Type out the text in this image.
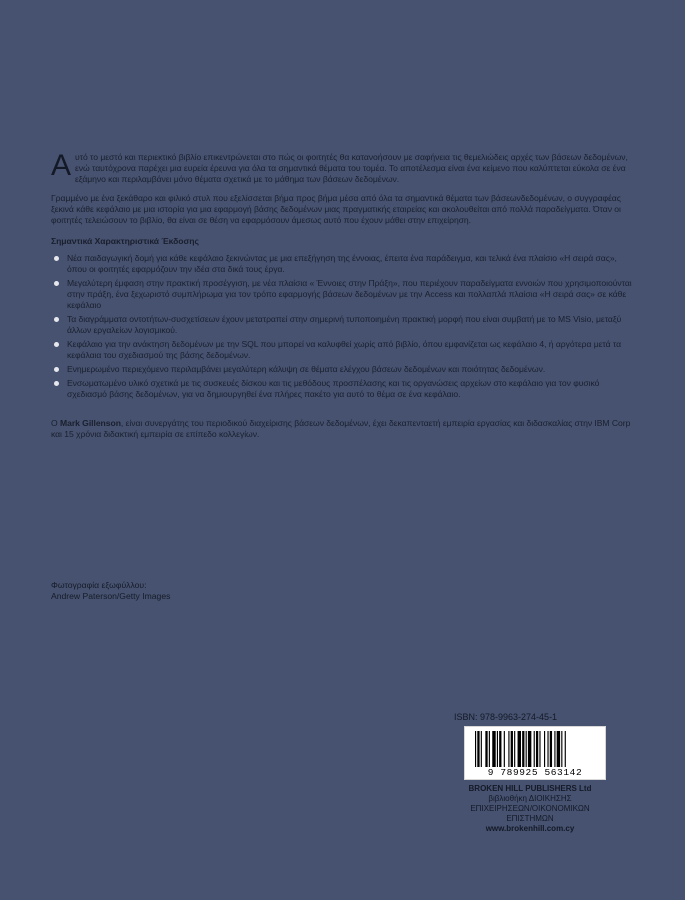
Αυτό το μεστό και περιεκτικό βιβλίο επικεντρώνεται στο πώς οι φοιτητές θα κατανοήσουν με σαφήνεια τις θεμελιώδεις αρχές των βάσεων δεδομένων, ενώ ταυτόχρονα παρέχει μια ευρεία έρευνα για όλα τα σημαντικά θέματα του τομέα. Το αποτέλεσμα είναι ένα κείμενο που καλύπτεται εύκολα σε ένα εξάμηνο και περιλαμβάνει μόνο θέματα σχετικά με το μάθημα των βάσεων δεδομένων.

Γραμμένο με ένα ξεκάθαρο και φιλικό στυλ που εξελίσσεται βήμα προς βήμα μέσα από όλα τα σημαντικά θέματα των βάσεωνδεδομένων, ο συγγραφέας ξεκινά κάθε κεφάλαιο με μια ιστορία για μια εφαρμογή βάσης δεδομένων μιας πραγματικής εταιρείας και ακολουθείται από πολλά παραδείγματα. Όταν οι φοιτητές τελειώσουν το βιβλίο, θα είναι σε θέση να εφαρμόσουν άμεσως αυτό που έχουν μάθει στην επιχείρηση.

Σημαντικά Χαρακτηριστικά Έκδοσης
Νέα παιδαγωγική δομή για κάθε κεφάλαιο ξεκινώντας με μια επεξήγηση της έννοιας, έπειτα ένα παράδειγμα, και τελικά ένα πλαίσιο «Η σειρά σας», όπου οι φοιτητές εφαρμόζουν την ιδέα στα δικά τους έργα.
Μεγαλύτερη έμφαση στην πρακτική προσέγγιση, με νέα πλαίσια « Έννοιες στην Πράξη», που περιέχουν παραδείγματα εννοιών που χρησιμοποιούνται στην πράξη, ένα ξεχωριστό συμπλήρωμα για τον τρόπο εφαρμογής βάσεων δεδομένων με την Access και πολλαπλά πλαίσια «Η σειρά σας» σε κάθε κεφάλαιο
Τα διαγράμματα οντοτήτων-συσχετίσεων έχουν μετατραπεί στην σημερινή τυποποιημένη πρακτική μορφή που είναι συμβατή με το MS Visio, μεταξύ άλλων εργαλείων λογισμικού.
Κεφάλαιο για την ανάκτηση δεδομένων με την SQL που μπορεί να καλυφθεί χωρίς από βιβλίο, όπου εμφανίζεται ως κεφάλαιο 4, ή αργότερα μετά τα κεφάλαια του σχεδιασμού της βάσης δεδομένων.
Ενημερωμένο περιεχόμενο περιλαμβάνει μεγαλύτερη κάλυψη σε θέματα ελέγχου βάσεων δεδομένων και ποιότητας δεδομένων.
Ενσωματωμένο υλικό σχετικά με τις συσκευές δίσκου και τις μεθόδους προσπέλασης και τις οργανώσεις αρχείων στο κεφάλαιο για τον φυσικό σχεδιασμό βάσης δεδομένων, για να δημιουργηθεί ένα πλήρες πακέτο για αυτό το θέμα σε ένα κεφάλαιο.

Ο Mark Gillenson, είναι συνεργάτης του περιοδικού διαχείρισης βάσεων δεδομένων, έχει δεκαπενταετή εμπειρία εργασίας και διδασκαλίας στην IBM Corp και 15 χρόνια διδακτική εμπειρία σε επίπεδο κολλεγίων.

Φωτογραφία εξωφύλλου:
Andrew Paterson/Getty Images
ISBN: 978-9963-274-45-1
9 789925 563142
BROKEN HILL PUBLISHERS Ltd
βιβλιοθήκη ΔΙΟΙΚΗΣΗΣ
ΕΠΙΧΕΙΡΗΣΕΩΝ/ΟΙΚΟΝΟΜΙΚΩΝ
ΕΠΙΣΤΗΜΩΝ
www.brokenhill.com.cy
